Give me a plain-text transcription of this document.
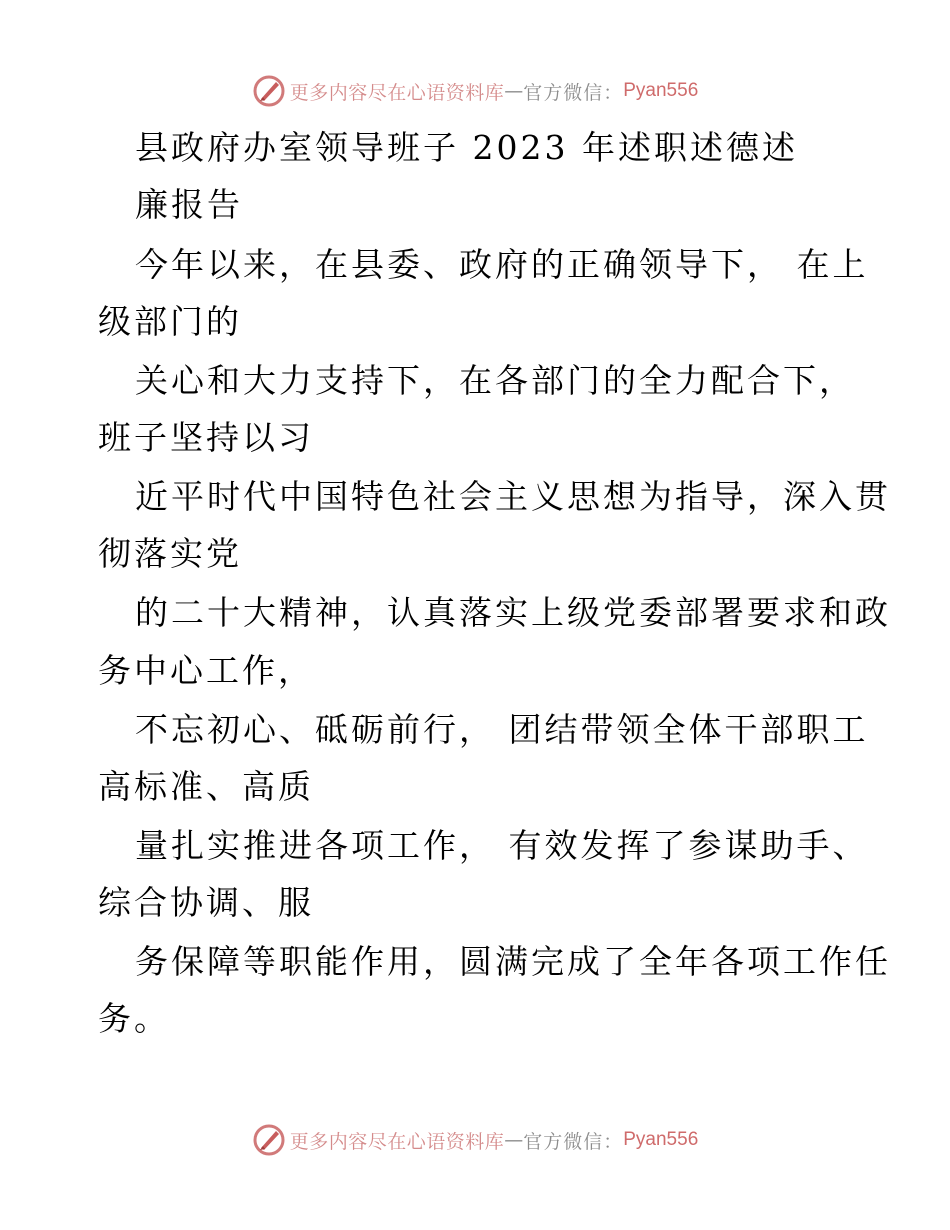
更多内容尽在心语资料库 — 官方微信： Pyan556
县政府办室领导班子 2023 年述职述德述
廉报告
今年以来，在县委、政府的正确领导下， 在上
级部门的
关心和大力支持下，在各部门的全力配合下，
班子坚持以习
近平时代中国特色社会主义思想为指导，深入贯
彻落实党
的二十大精神，认真落实上级党委部署要求和政
务中心工作，
不忘初心、砥砺前行， 团结带领全体干部职工
高标准、高质
量扎实推进各项工作， 有效发挥了参谋助手、
综合协调、服
务保障等职能作用，圆满完成了全年各项工作任
务。
更多内容尽在心语资料库 — 官方微信： Pyan556
